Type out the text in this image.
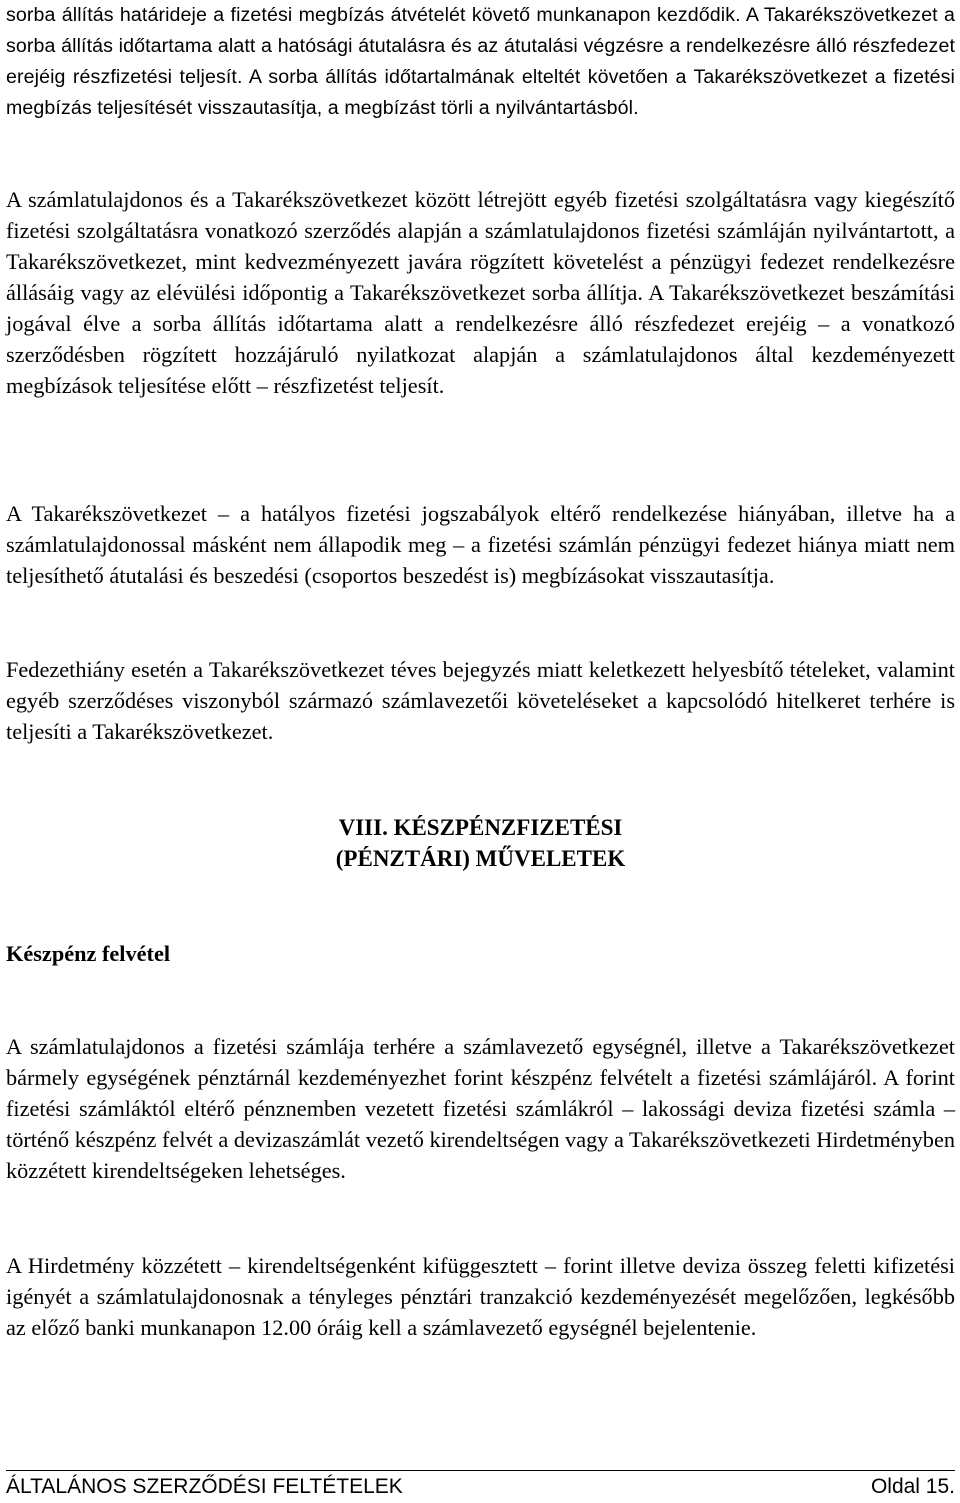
sorba állítás határideje a fizetési megbízás átvételét követő munkanapon kezdődik. A Takarékszövetkezet a sorba állítás időtartama alatt a hatósági átutalásra és az átutalási végzésre a rendelkezésre álló részfedezet erejéig részfizetési teljesít. A sorba állítás időtartalmának elteltét követően a Takarékszövetkezet a fizetési megbízás teljesítését visszautasítja, a megbízást törli a nyilvántartásból.

A számlatulajdonos és a Takarékszövetkezet között létrejött egyéb fizetési szolgáltatásra vagy kiegészítő fizetési szolgáltatásra vonatkozó szerződés alapján a számlatulajdonos fizetési számláján nyilvántartott, a Takarékszövetkezet, mint kedvezményezett javára rögzített követelést a pénzügyi fedezet rendelkezésre állásáig vagy az elévülési időpontig a Takarékszövetkezet sorba állítja. A Takarékszövetkezet beszámítási jogával élve a sorba állítás időtartama alatt a rendelkezésre álló részfedezet erejéig – a vonatkozó szerződésben rögzített hozzájáruló nyilatkozat alapján a számlatulajdonos által kezdeményezett megbízások teljesítése előtt – részfizetést teljesít.

A Takarékszövetkezet – a hatályos fizetési jogszabályok eltérő rendelkezése hiányában, illetve ha a számlatulajdonossal másként nem állapodik meg – a fizetési számlán pénzügyi fedezet hiánya miatt nem teljesíthető átutalási és beszedési (csoportos beszedést is) megbízásokat visszautasítja.

Fedezethiány esetén a Takarékszövetkezet téves bejegyzés miatt keletkezett helyesbítő tételeket, valamint egyéb szerződéses viszonyból származó számlavezetői követeléseket a kapcsolódó hitelkeret terhére is teljesíti a Takarékszövetkezet.

VIII. KÉSZPÉNZFIZETÉSI
(PÉNZTÁRI) MŰVELETEK

Készpénz felvétel

A számlatulajdonos a fizetési számlája terhére a számlavezető egységnél, illetve a Takarékszövetkezet bármely egységének pénztárnál kezdeményezhet forint készpénz felvételt a fizetési számlájáról. A forint fizetési számláktól eltérő pénznemben vezetett fizetési számlákról – lakossági deviza fizetési számla – történő készpénz felvét a devizaszámlát vezető kirendeltségen vagy a Takarékszövetkezeti Hirdetményben közzétett kirendeltségeken lehetséges.

A Hirdetmény közzétett – kirendeltségenként kifüggesztett – forint illetve deviza összeg feletti kifizetési igényét a számlatulajdonosnak a tényleges pénztári tranzakció kezdeményezését megelőzően, legkésőbb az előző banki munkanapon 12.00 óráig kell a számlavezető egységnél bejelentenie.

ÁLTALÁNOS SZERZŐDÉSI FELTÉTELEK	Oldal 15.
